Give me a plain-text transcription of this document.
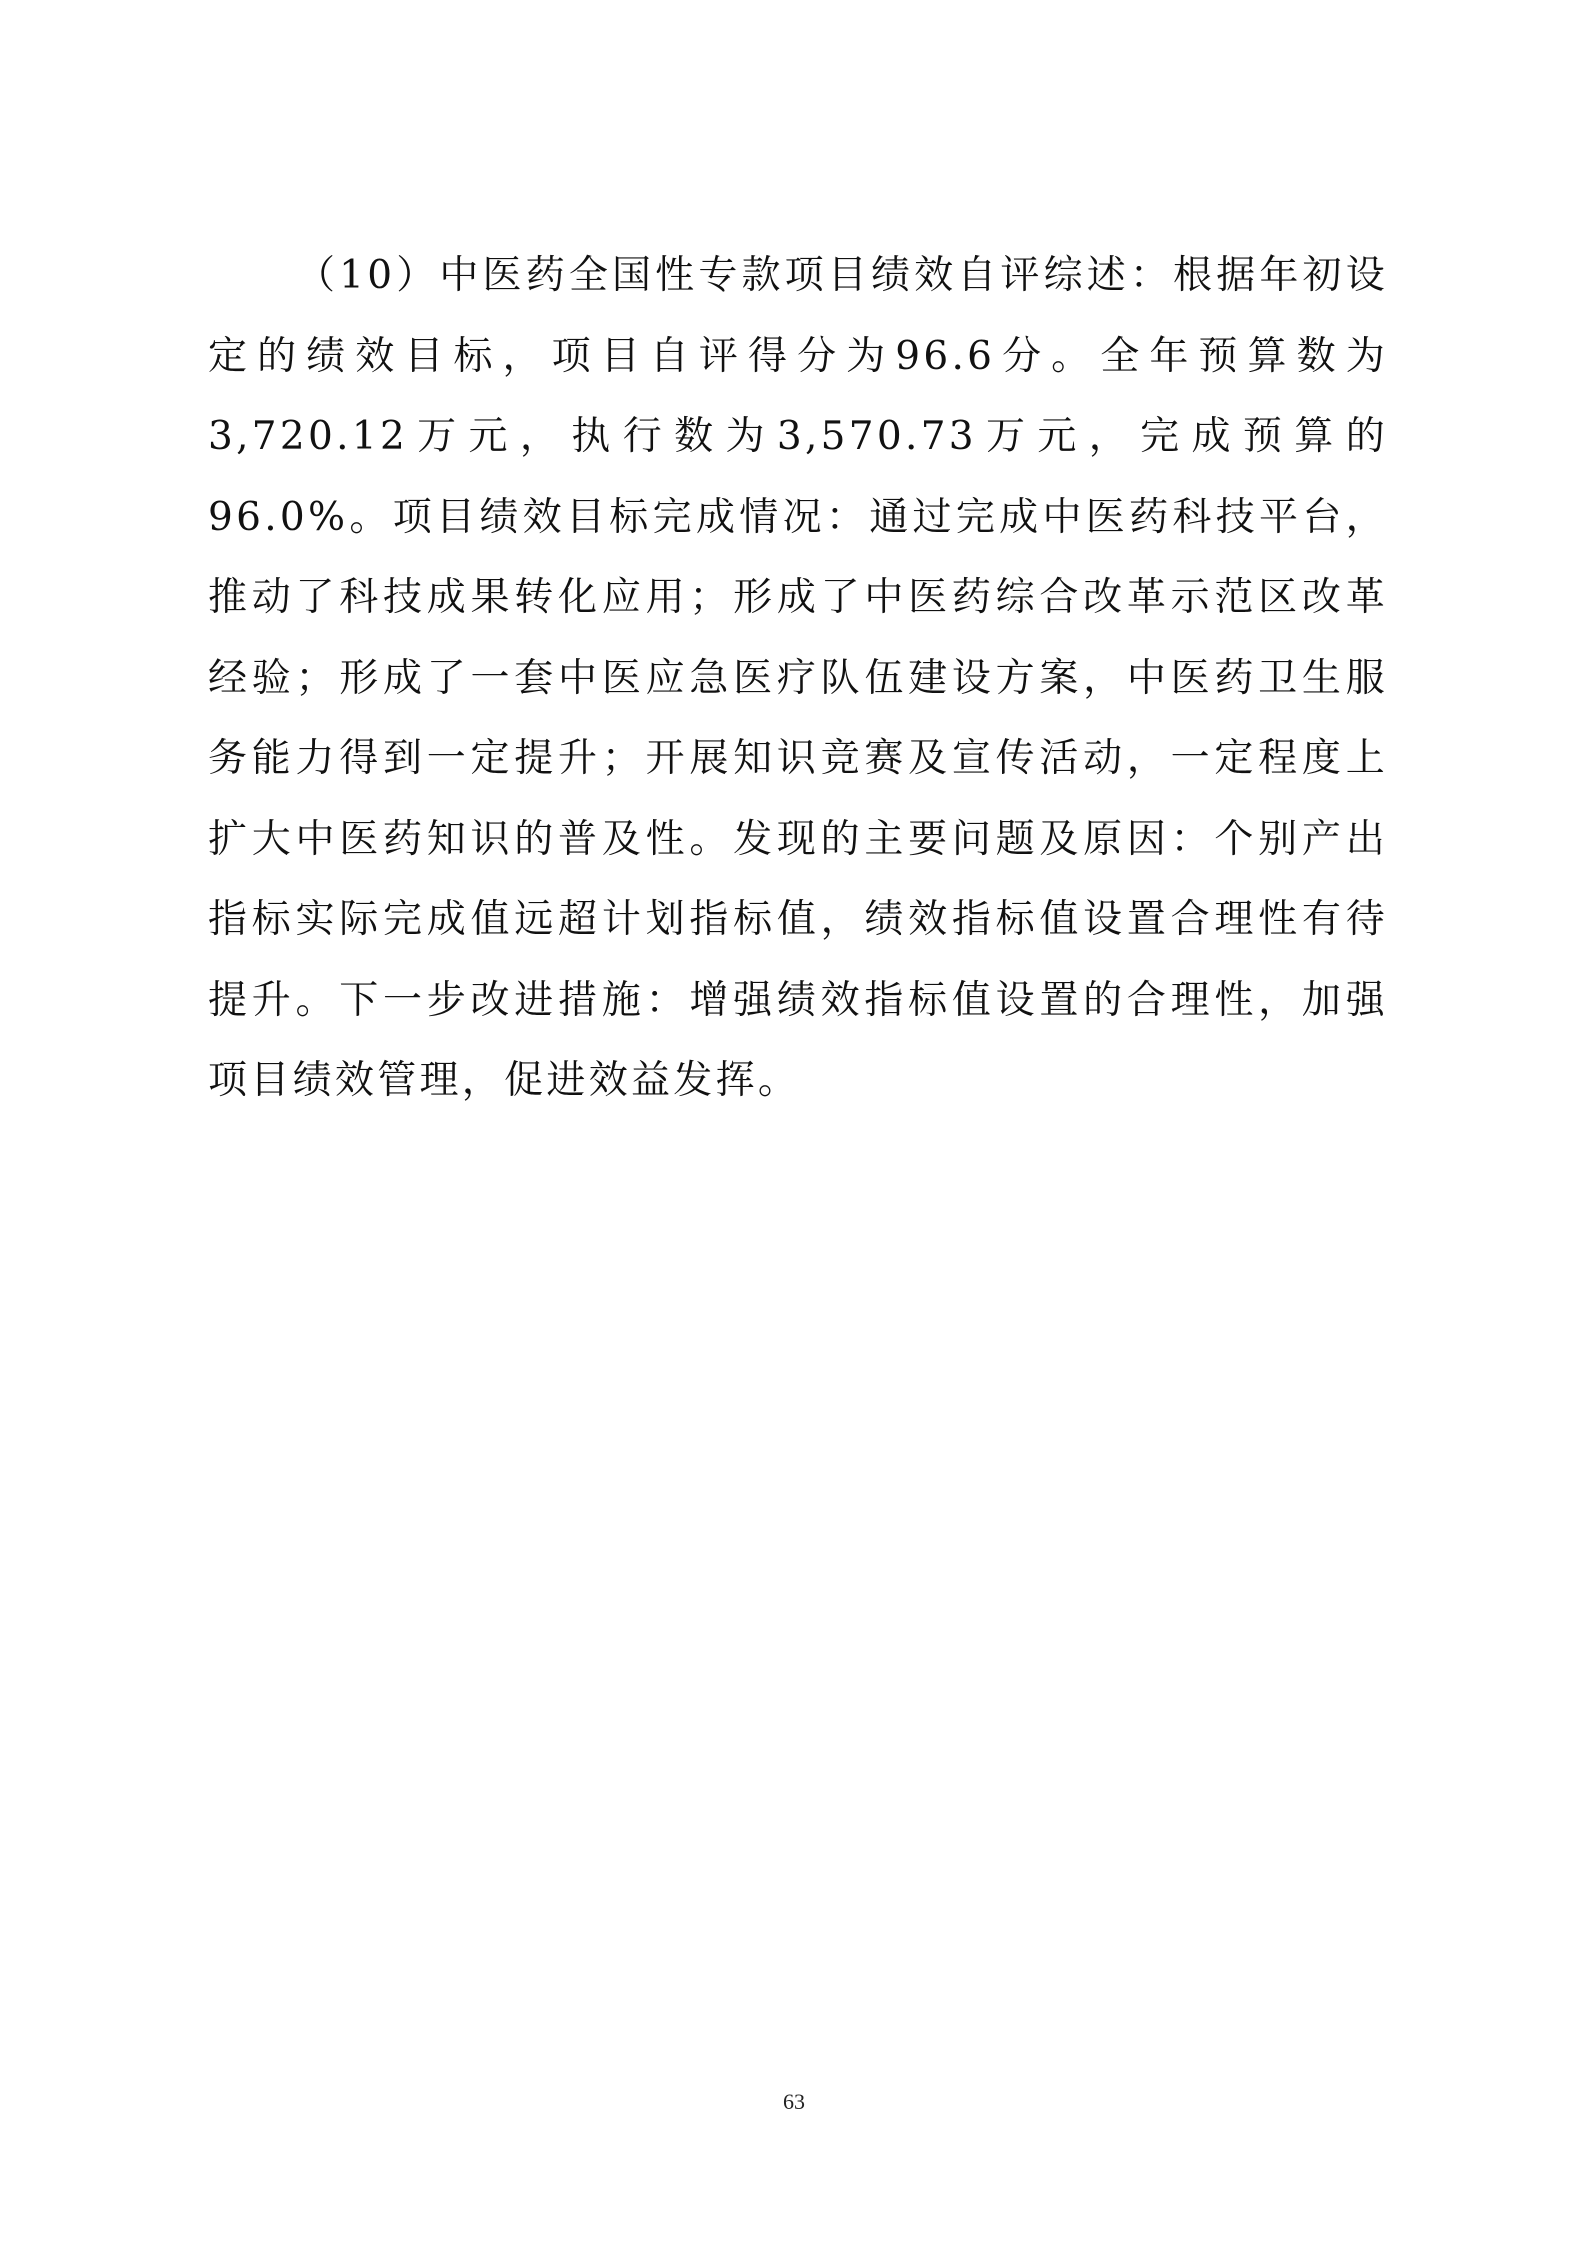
（10）中医药全国性专款项目绩效自评综述：根据年初设定的绩效目标，项目自评得分为96.6分。全年预算数为3,720.12万元，执行数为3,570.73万元，完成预算的96.0%。项目绩效目标完成情况：通过完成中医药科技平台，推动了科技成果转化应用；形成了中医药综合改革示范区改革经验；形成了一套中医应急医疗队伍建设方案，中医药卫生服务能力得到一定提升；开展知识竞赛及宣传活动，一定程度上扩大中医药知识的普及性。发现的主要问题及原因：个别产出指标实际完成值远超计划指标值，绩效指标值设置合理性有待提升。下一步改进措施：增强绩效指标值设置的合理性，加强项目绩效管理，促进效益发挥。

63
